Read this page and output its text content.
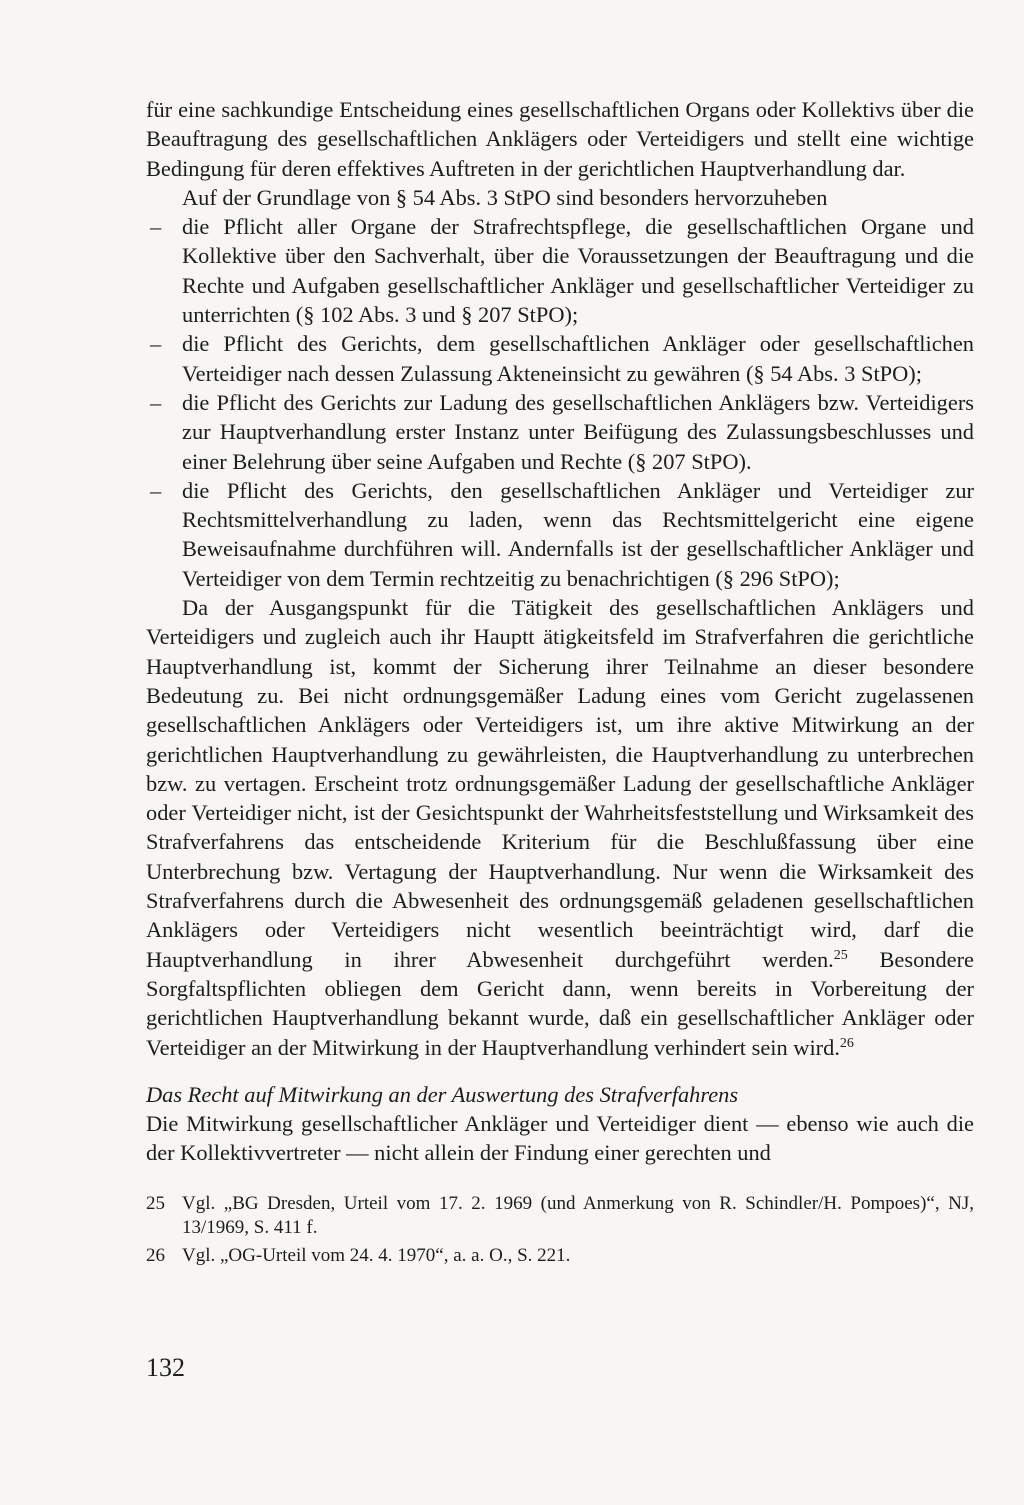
für eine sachkundige Entscheidung eines gesellschaftlichen Organs oder Kollektivs über die Beauftragung des gesellschaftlichen Anklägers oder Verteidigers und stellt eine wichtige Bedingung für deren effektives Auftreten in der gerichtlichen Hauptverhandlung dar.

Auf der Grundlage von § 54 Abs. 3 StPO sind besonders hervorzuheben

– die Pflicht aller Organe der Strafrechtspflege, die gesellschaftlichen Organe und Kollektive über den Sachverhalt, über die Voraussetzungen der Beauftragung und die Rechte und Aufgaben gesellschaftlicher Ankläger und gesellschaftlicher Verteidiger zu unterrichten (§ 102 Abs. 3 und § 207 StPO);
– die Pflicht des Gerichts, dem gesellschaftlichen Ankläger oder gesellschaftlichen Verteidiger nach dessen Zulassung Akteneinsicht zu gewähren (§ 54 Abs. 3 StPO);
– die Pflicht des Gerichts zur Ladung des gesellschaftlichen Anklägers bzw. Verteidigers zur Hauptverhandlung erster Instanz unter Beifügung des Zulassungsbeschlusses und einer Belehrung über seine Aufgaben und Rechte (§ 207 StPO).
– die Pflicht des Gerichts, den gesellschaftlichen Ankläger und Verteidiger zur Rechtsmittelverhandlung zu laden, wenn das Rechtsmittelgericht eine eigene Beweisaufnahme durchführen will. Andernfalls ist der gesellschaftlicher Ankläger und Verteidiger von dem Termin rechtzeitig zu benachrichtigen (§ 296 StPO);

Da der Ausgangspunkt für die Tätigkeit des gesellschaftlichen Anklägers und Verteidigers und zugleich auch ihr Hauptt ätigkeitsfeld im Strafverfahren die gerichtliche Hauptverhandlung ist, kommt der Sicherung ihrer Teilnahme an dieser besondere Bedeutung zu. Bei nicht ordnungsgemäßer Ladung eines vom Gericht zugelassenen gesellschaftlichen Anklägers oder Verteidigers ist, um ihre aktive Mitwirkung an der gerichtlichen Hauptverhandlung zu gewährleisten, die Hauptverhandlung zu unterbrechen bzw. zu vertagen. Erscheint trotz ordnungsgemäßer Ladung der gesellschaftliche Ankläger oder Verteidiger nicht, ist der Gesichtspunkt der Wahrheitsfeststellung und Wirksamkeit des Strafverfahrens das entscheidende Kriterium für die Beschlußfassung über eine Unterbrechung bzw. Vertagung der Hauptverhandlung. Nur wenn die Wirksamkeit des Strafverfahrens durch die Abwesenheit des ordnungsgemäß geladenen gesellschaftlichen Anklägers oder Verteidigers nicht wesentlich beeinträchtigt wird, darf die Hauptverhandlung in ihrer Abwesenheit durchgeführt werden.$^{25}$ Besondere Sorgfaltspflichten obliegen dem Gericht dann, wenn bereits in Vorbereitung der gerichtlichen Hauptverhandlung bekannt wurde, daß ein gesellschaftlicher Ankläger oder Verteidiger an der Mitwirkung in der Hauptverhandlung verhindert sein wird.$^{26}$

Das Recht auf Mitwirkung an der Auswertung des Strafverfahrens

Die Mitwirkung gesellschaftlicher Ankläger und Verteidiger dient — ebenso wie auch die der Kollektivvertreter — nicht allein der Findung einer gerechten und

25 Vgl. „BG Dresden, Urteil vom 17. 2. 1969 (und Anmerkung von R. Schindler/H. Pompoes)“, NJ, 13/1969, S. 411 f.

26 Vgl. „OG-Urteil vom 24. 4. 1970“, a. a. O., S. 221.

132
